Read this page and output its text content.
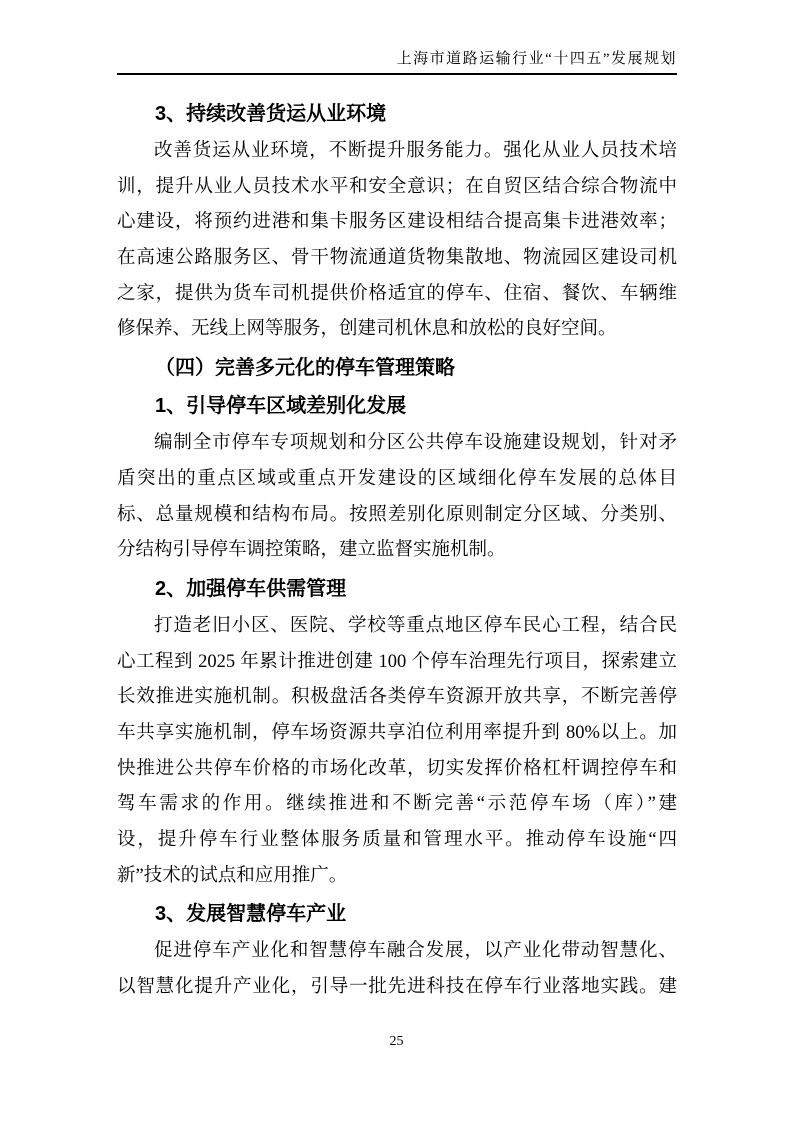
上海市道路运输行业“十四五”发展规划
3、持续改善货运从业环境
改善货运从业环境，不断提升服务能力。强化从业人员技术培
训，提升从业人员技术水平和安全意识；在自贸区结合综合物流中
心建设，将预约进港和集卡服务区建设相结合提高集卡进港效率；
在高速公路服务区、骨干物流通道货物集散地、物流园区建设司机
之家，提供为货车司机提供价格适宜的停车、住宿、餐饮、车辆维
修保养、无线上网等服务，创建司机休息和放松的良好空间。
（四）完善多元化的停车管理策略
1、引导停车区域差别化发展
编制全市停车专项规划和分区公共停车设施建设规划，针对矛
盾突出的重点区域或重点开发建设的区域细化停车发展的总体目
标、总量规模和结构布局。按照差别化原则制定分区域、分类别、
分结构引导停车调控策略，建立监督实施机制。
2、加强停车供需管理
打造老旧小区、医院、学校等重点地区停车民心工程，结合民
心工程到 2025 年累计推进创建 100 个停车治理先行项目，探索建立
长效推进实施机制。积极盘活各类停车资源开放共享，不断完善停
车共享实施机制，停车场资源共享泊位利用率提升到 80%以上。加
快推进公共停车价格的市场化改革，切实发挥价格杠杆调控停车和
驾车需求的作用。继续推进和不断完善“示范停车场（库）”建
设，提升停车行业整体服务质量和管理水平。推动停车设施“四
新”技术的试点和应用推广。
3、发展智慧停车产业
促进停车产业化和智慧停车融合发展，以产业化带动智慧化、
以智慧化提升产业化，引导一批先进科技在停车行业落地实践。建
25
